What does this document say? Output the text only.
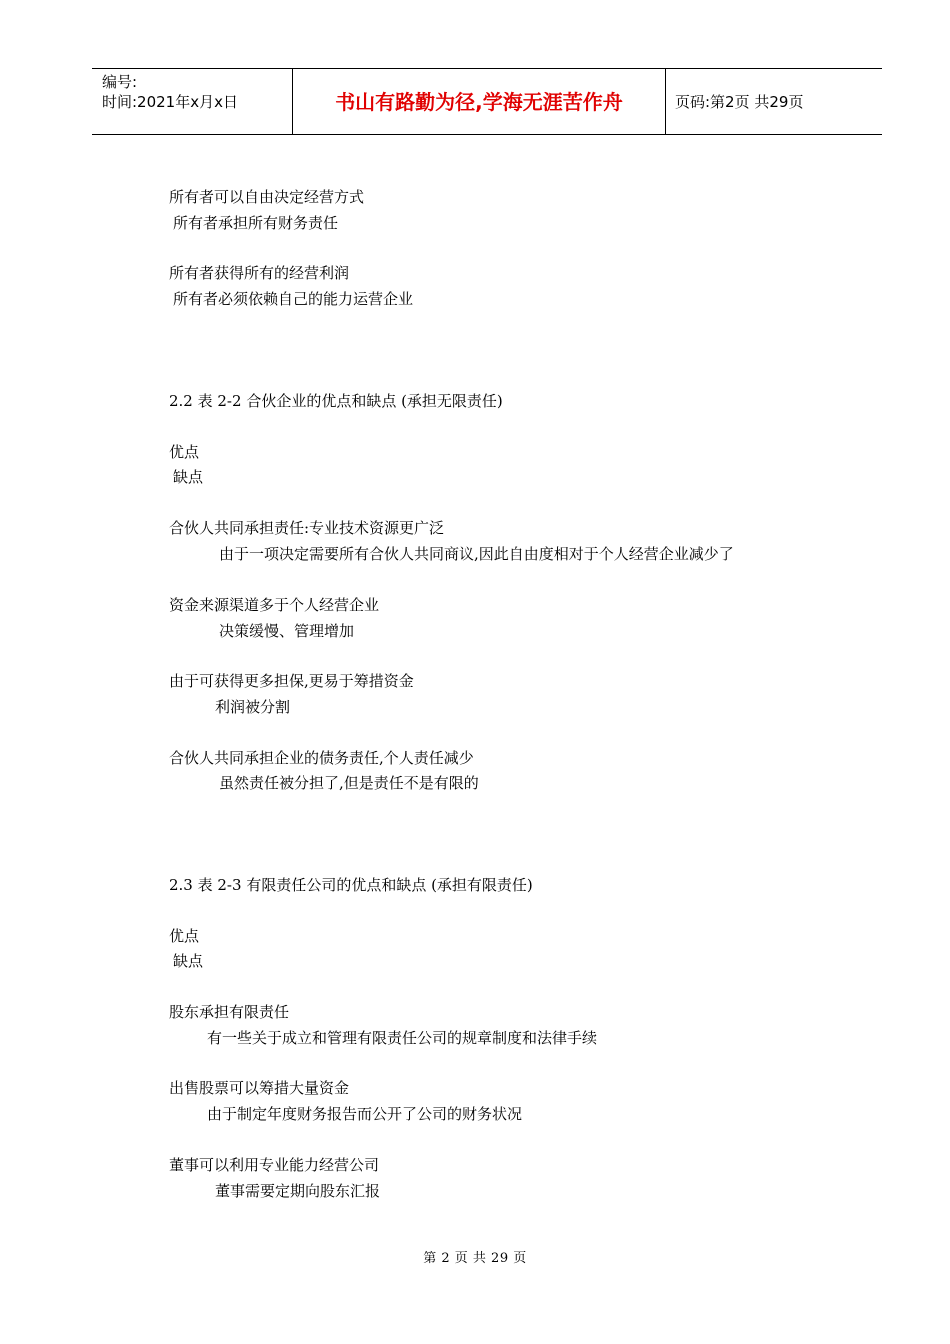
编号:
时间:2021年x月x日	书山有路勤为径,学海无涯苦作舟	页码:第2页 共29页
所有者可以自由决定经营方式
所有者承担所有财务责任
所有者获得所有的经营利润
所有者必须依赖自己的能力运营企业
2.2 表 2-2 合伙企业的优点和缺点 (承担无限责任)
优点
缺点
合伙人共同承担责任:专业技术资源更广泛
由于一项决定需要所有合伙人共同商议,因此自由度相对于个人经营企业减少了
资金来源渠道多于个人经营企业
决策缓慢、管理增加
由于可获得更多担保,更易于筹措资金
利润被分割
合伙人共同承担企业的债务责任,个人责任减少
虽然责任被分担了,但是责任不是有限的
2.3 表 2-3 有限责任公司的优点和缺点 (承担有限责任)
优点
缺点
股东承担有限责任
有一些关于成立和管理有限责任公司的规章制度和法律手续
出售股票可以筹措大量资金
由于制定年度财务报告而公开了公司的财务状况
董事可以利用专业能力经营公司
董事需要定期向股东汇报
第 2 页 共 29 页
